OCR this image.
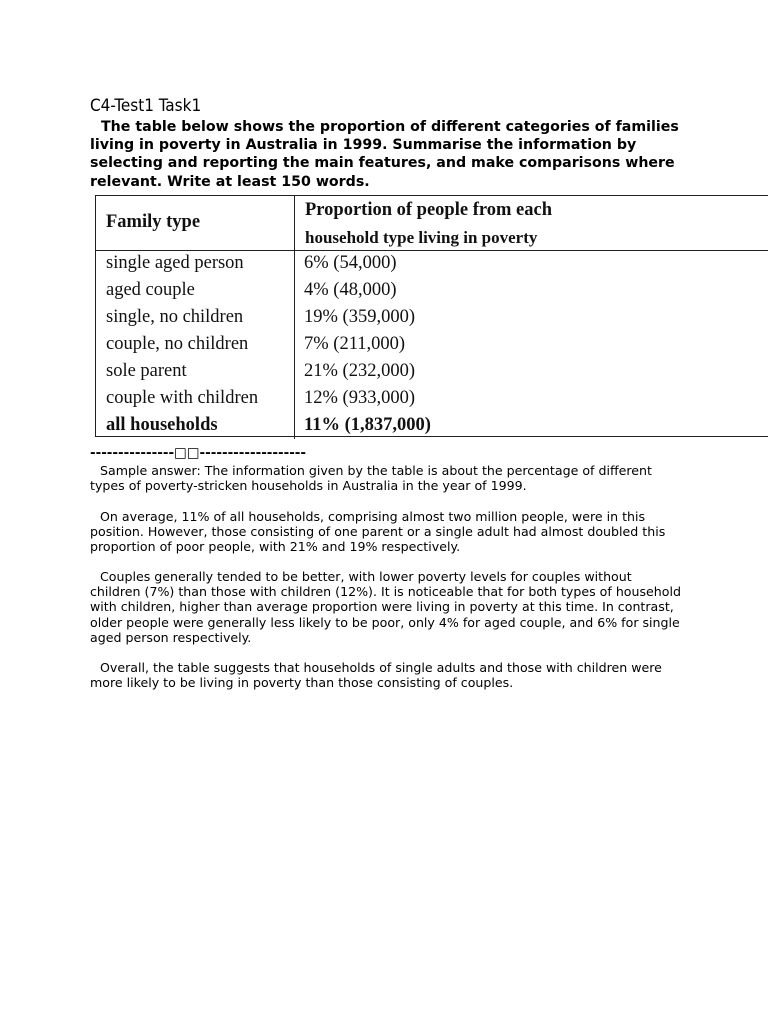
C4-Test1 Task1
The table below shows the proportion of different categories of families living in poverty in Australia in 1999. Summarise the information by selecting and reporting the main features, and make comparisons where relevant. Write at least 150 words.
Family type
Proportion of people from each
household type living in poverty
single aged person	6% (54,000)
aged couple	4% (48,000)
single, no children	19% (359,000)
couple, no children	7% (211,000)
sole parent	21% (232,000)
couple with children 12% (933,000)
all households	11% (1,837,000)
---------------□□-------------------
Sample answer: The information given by the table is about the percentage of different types of poverty-stricken households in Australia in the year of 1999.
On average, 11% of all households, comprising almost two million people, were in this position. However, those consisting of one parent or a single adult had almost doubled this proportion of poor people, with 21% and 19% respectively.
Couples generally tended to be better, with lower poverty levels for couples without children (7%) than those with children (12%). It is noticeable that for both types of household with children, higher than average proportion were living in poverty at this time. In contrast, older people were generally less likely to be poor, only 4% for aged couple, and 6% for single aged person respectively.
Overall, the table suggests that households of single adults and those with children were more likely to be living in poverty than those consisting of couples.
